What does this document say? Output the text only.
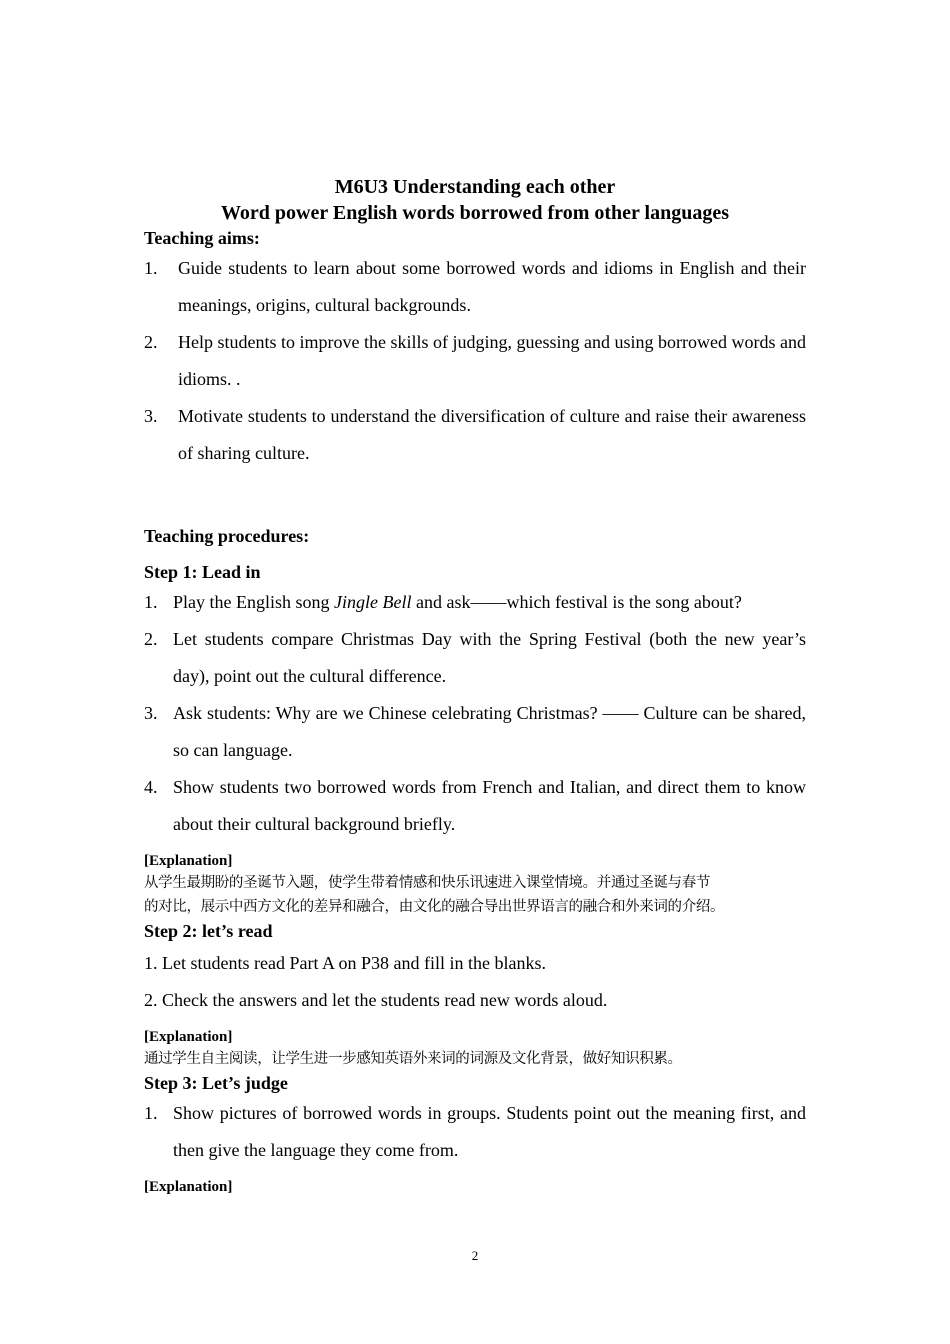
M6U3 Understanding each other
Word power English words borrowed from other languages
Teaching aims:
1. Guide students to learn about some borrowed words and idioms in English and their meanings, origins, cultural backgrounds.
2. Help students to improve the skills of judging, guessing and using borrowed words and idioms. .
3. Motivate students to understand the diversification of culture and raise their awareness of sharing culture.
Teaching procedures:
Step 1: Lead in
1. Play the English song Jingle Bell and ask——which festival is the song about?
2. Let students compare Christmas Day with the Spring Festival (both the new year’s day), point out the cultural difference.
3. Ask students: Why are we Chinese celebrating Christmas? —— Culture can be shared, so can language.
4. Show students two borrowed words from French and Italian, and direct them to know about their cultural background briefly.
[Explanation]
从学生最期盼的圣诞节入题，使学生带着情感和快乐讯速进入课堂情境。并通过圣诞与春节
的对比，展示中西方文化的差异和融合，由文化的融合导出世界语言的融合和外来词的介绍。
Step 2: let’s read
1. Let students read Part A on P38 and fill in the blanks.
2. Check the answers and let the students read new words aloud.
[Explanation]
通过学生自主阅读，让学生进一步感知英语外来词的词源及文化背景，做好知识积累。
Step 3: Let’s judge
1. Show pictures of borrowed words in groups. Students point out the meaning first, and then give the language they come from.
[Explanation]
2
